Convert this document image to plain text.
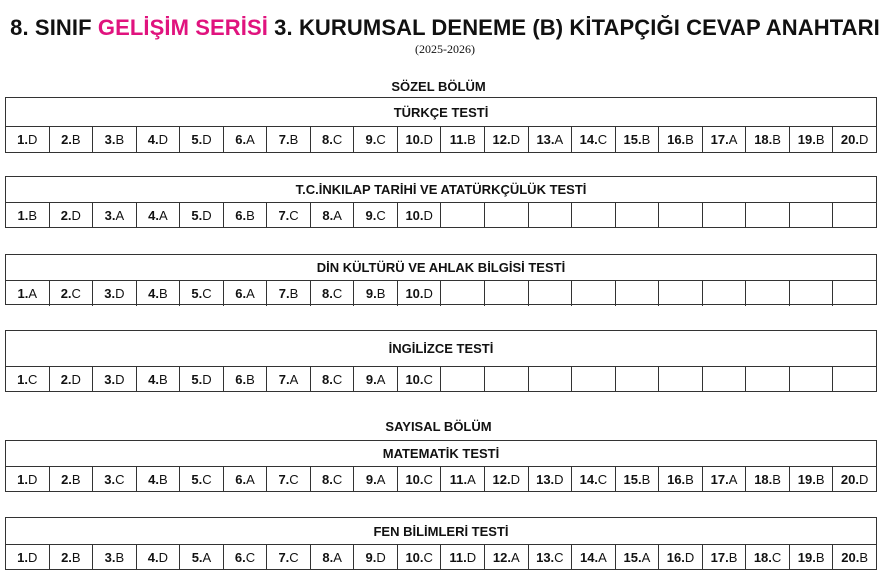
8. SINIF GELİŞİM SERİSİ 3. KURUMSAL DENEME (B) KİTAPÇIĞI CEVAP ANAHTARI
(2025-2026)
SÖZEL BÖLÜM
TÜRKÇE TESTİ
1. D 2. B 3. B 4. D 5. D 6. A 7. B 8. C 9. C 10. D 11. B 12. D 13. A 14. C 15. B 16. B 17. A 18. B 19. B 20. D
T.C.İNKILAP TARİHİ VE ATATÜRKÇÜLÜK TESTİ
1. B 2. D 3. A 4. A 5. D 6. B 7. C 8. A 9. C 10. D
DİN KÜLTÜRÜ VE AHLAK BİLGİSİ TESTİ
1. A 2. C 3. D 4. B 5. C 6. A 7. B 8. C 9. B 10. D
İNGİLİZCE TESTİ
1. C 2. D 3. D 4. B 5. D 6. B 7. A 8. C 9. A 10. C
SAYISAL BÖLÜM
MATEMATİK TESTİ
1. D 2. B 3. C 4. B 5. C 6. A 7. C 8. C 9. A 10. C 11. A 12. D 13. D 14. C 15. B 16. B 17. A 18. B 19. B 20. D
FEN BİLİMLERİ TESTİ
1. D 2. B 3. B 4. D 5. A 6. C 7. C 8. A 9. D 10. C 11. D 12. A 13. C 14. A 15. A 16. D 17. B 18. C 19. B 20. B
